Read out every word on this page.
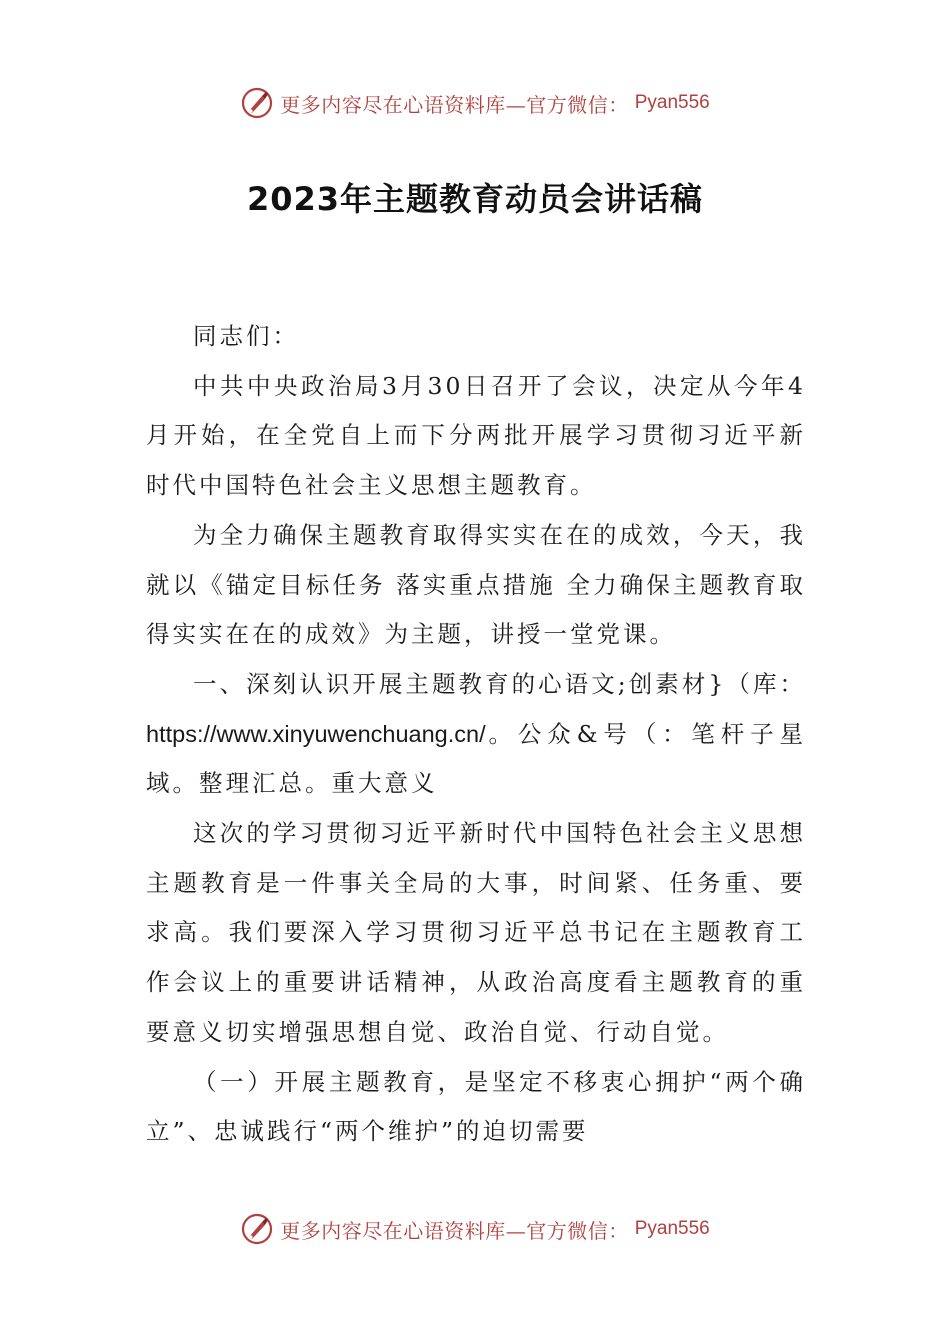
更多内容尽在心语资料库—官方微信： Pyan556
2023年主题教育动员会讲话稿

同志们：

中共中央政治局3月30日召开了会议，决定从今年4月开始，在全党自上而下分两批开展学习贯彻习近平新时代中国特色社会主义思想主题教育。

为全力确保主题教育取得实实在在的成效，今天，我就以《锚定目标任务 落实重点措施 全力确保主题教育取得实实在在的成效》为主题，讲授一堂党课。

一、深刻认识开展主题教育的心语文;创素材}（库：https://www.xinyuwenchuang.cn/。公众&号（：笔杆子星域。整理汇总。重大意义

这次的学习贯彻习近平新时代中国特色社会主义思想主题教育是一件事关全局的大事，时间紧、任务重、要求高。我们要深入学习贯彻习近平总书记在主题教育工作会议上的重要讲话精神，从政治高度看主题教育的重要意义切实增强思想自觉、政治自觉、行动自觉。

（一）开展主题教育，是坚定不移衷心拥护“两个确立”、忠诚践行“两个维护”的迫切需要

更多内容尽在心语资料库—官方微信： Pyan556
